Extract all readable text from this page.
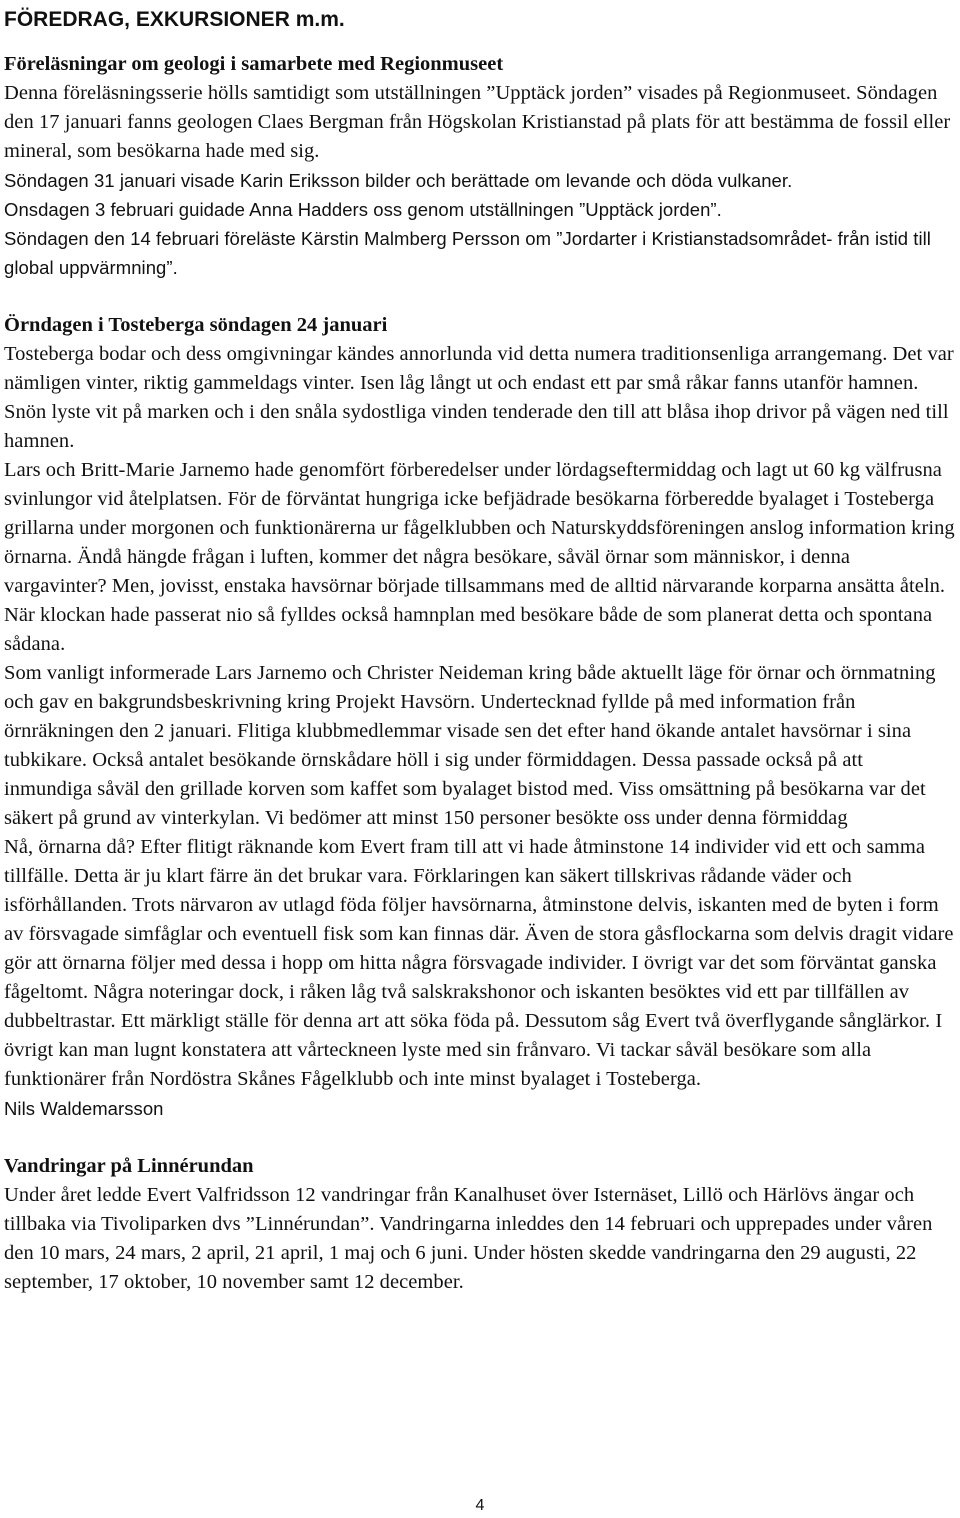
FÖREDRAG, EXKURSIONER m.m.
Föreläsningar om geologi i samarbete med Regionmuseet

Denna föreläsningsserie hölls samtidigt som utställningen ”Upptäck jorden” visades på Regionmuseet. Söndagen den 17 januari fanns geologen Claes Bergman från Högskolan Kristianstad på plats för att bestämma de fossil eller mineral, som besökarna hade med sig.

Söndagen 31 januari visade Karin Eriksson bilder och berättade om levande och döda vulkaner.

Onsdagen 3 februari guidade Anna Hadders oss genom utställningen ”Upptäck jorden”.

Söndagen den 14 februari föreläste Kärstin Malmberg Persson om ”Jordarter i Kristianstadsområdet- från istid till global uppvärmning”.

Örndagen i Tosteberga söndagen 24 januari

Tosteberga bodar och dess omgivningar kändes annorlunda vid detta numera traditionsenliga arrangemang. Det var nämligen vinter, riktig gammeldags vinter. Isen låg långt ut och endast ett par små råkar fanns utanför hamnen. Snön lyste vit på marken och i den snåla sydostliga vinden tenderade den till att blåsa ihop drivor på vägen ned till hamnen.

Lars och Britt-Marie Jarnemo hade genomfört förberedelser under lördagseftermiddag och lagt ut 60 kg välfrusna svinlungor vid åtelplatsen. För de förväntat hungriga icke befjädrade besökarna förberedde byalaget i Tosteberga grillarna under morgonen och funktionärerna ur fågelklubben och Naturskyddsföreningen anslog information kring örnarna. Ändå hängde frågan i luften, kommer det några besökare, såväl örnar som människor, i denna vargavinter? Men, jovisst, enstaka havsörnar började tillsammans med de alltid närvarande korparna ansätta åteln. När klockan hade passerat nio så fylldes också hamnplan med besökare både de som planerat detta och spontana sådana.

Som vanligt informerade Lars Jarnemo och Christer Neideman kring både aktuellt läge för örnar och örnmatning och gav en bakgrundsbeskrivning kring Projekt Havsörn. Undertecknad fyllde på med information från örnräkningen den 2 januari. Flitiga klubbmedlemmar visade sen det efter hand ökande antalet havsörnar i sina tubkikare. Också antalet besökande örnskådare höll i sig under förmiddagen. Dessa passade också på att inmundiga såväl den grillade korven som kaffet som byalaget bistod med. Viss omsättning på besökarna var det säkert på grund av vinterkylan. Vi bedömer att minst 150 personer besökte oss under denna förmiddag

Nå, örnarna då? Efter flitigt räknande kom Evert fram till att vi hade åtminstone 14 individer vid ett och samma tillfälle. Detta är ju klart färre än det brukar vara. Förklaringen kan säkert tillskrivas rådande väder och isförhållanden. Trots närvaron av utlagd föda följer havsörnarna, åtminstone delvis, iskanten med de byten i form av försvagade simfåglar och eventuell fisk som kan finnas där. Även de stora gåsflockarna som delvis dragit vidare gör att örnarna följer med dessa i hopp om hitta några försvagade individer. I övrigt var det som förväntat ganska fågeltomt. Några noteringar dock, i råken låg två salskrakshonor och iskanten besöktes vid ett par tillfällen av dubbeltrastar. Ett märkligt ställe för denna art att söka föda på. Dessutom såg Evert två överflygande sånglärkor. I övrigt kan man lugnt konstatera att vårteckneen lyste med sin frånvaro. Vi tackar såväl besökare som alla funktionärer från Nordöstra Skånes Fågelklubb och inte minst byalaget i Tosteberga.

Nils Waldemarsson

Vandringar på Linnérundan

Under året ledde Evert Valfridsson 12 vandringar från Kanalhuset över Isternäset, Lillö och Härlövs ängar och tillbaka via Tivoliparken dvs ”Linnérundan”. Vandringarna inleddes den 14 februari och upprepades under våren den 10 mars, 24 mars, 2 april, 21 april, 1 maj och 6 juni. Under hösten skedde vandringarna den 29 augusti, 22 september, 17 oktober, 10 november samt 12 december.

4
